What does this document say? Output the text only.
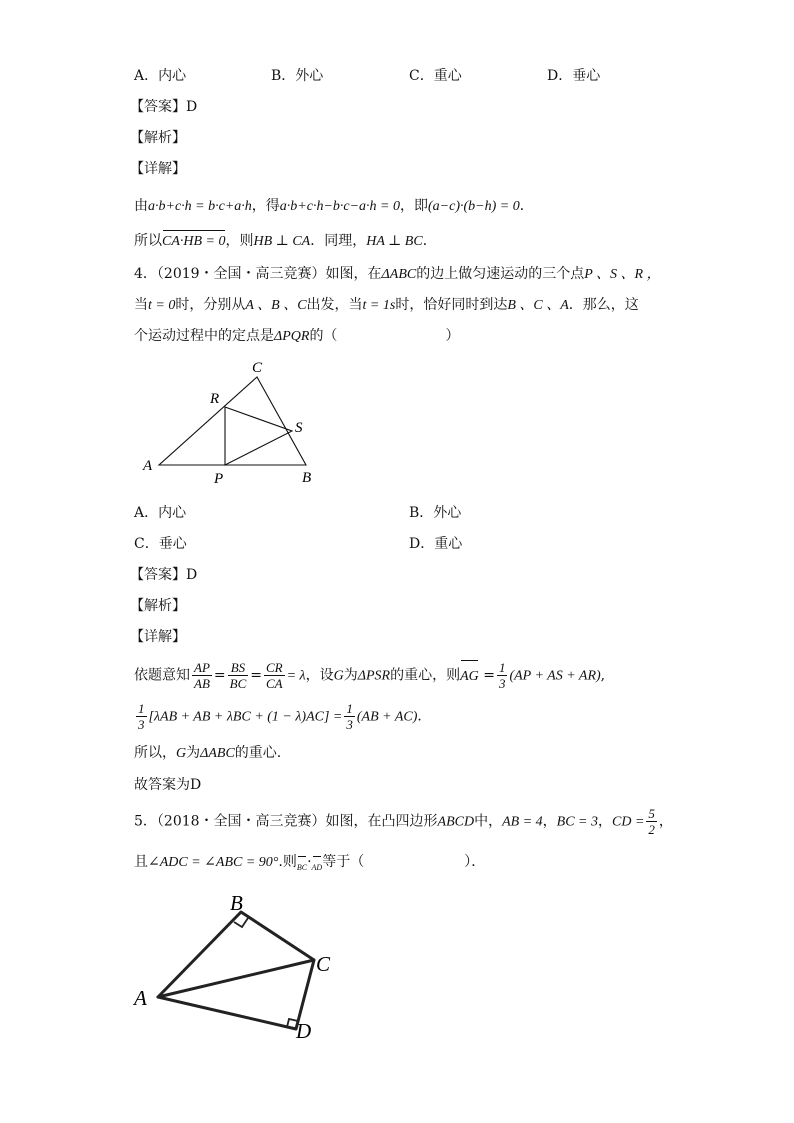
A．内心	B．外心	C．重心	D．垂心
【答案】D
【解析】
【详解】
由a·b+c·h = b·c+a·h，得a·b+c·h−b·c−a·h = 0，即(a−c)·(b−h) = 0．
所以CA·HB = 0，则HB ⊥ CA．同理，HA ⊥ BC．
4．（2019・全国・高三竞赛）如图，在ΔABC的边上做匀速运动的三个点P 、S 、R ，
当t = 0时，分别从A 、B 、C出发，当t = 1s时，恰好同时到达B 、C 、A．那么，这
个运动过程中的定点是ΔPQR的（	）
A
B
C
P
R
S
A．内心	B．外心
C．垂心	D．重心
【答案】D
【解析】
【详解】
依题意知 $\frac{AP}{AB} = \frac{BS}{BC} = \frac{CR}{CA} = \lambda$，设G为ΔPSR的重心，则AG = $\frac{1}{3} (AP$ + AS + AR),
$\frac{1}{3} [\lambda AB$ + AB + $\lambda BC + (1 - \lambda)AC] = \frac{1}{3} (AB + AC)$．
所以，G为ΔABC的重心.
故答案为D
5．（2018・全国・高三竞赛）如图，在凸四边形ABCD中，AB = 4，BC = 3，CD = $\frac{5}{2}$ ，
且∠ADC = ∠ABC = 90°.则BC·AD等于（	）．
B
C
A
D
